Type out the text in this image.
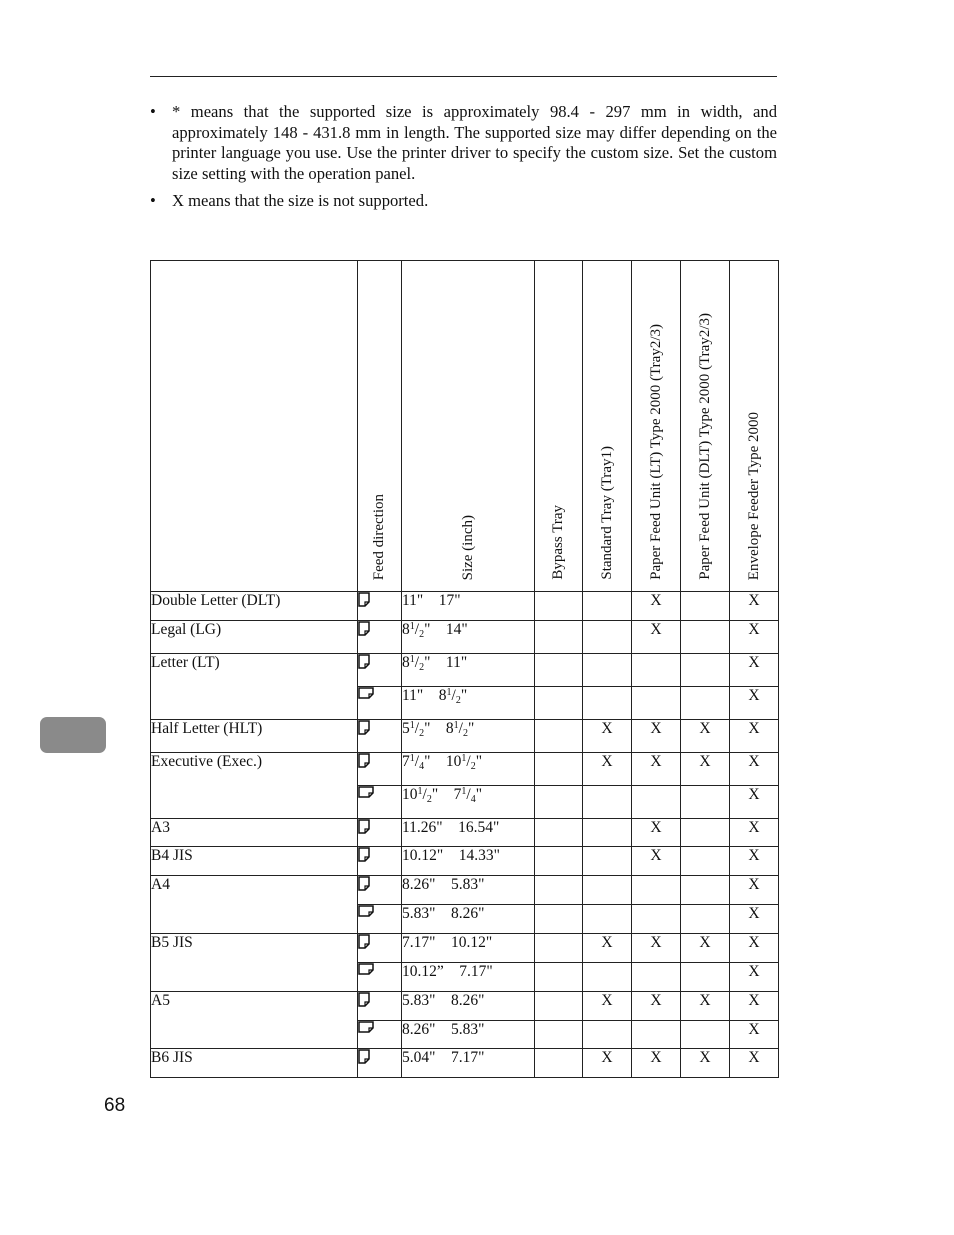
• * means that the supported size is approximately 98.4 - 297 mm in width, and approximately 148 - 431.8 mm in length. The supported size may differ depending on the printer language you use. Use the printer driver to specify the custom size. Set the custom size setting with the operation panel.
• X means that the size is not supported.
	Feed direction	Size (inch)	Bypass Tray	Standard Tray (Tray1)	Paper Feed Unit (LT) Type 2000 (Tray2/3)	Paper Feed Unit (DLT) Type 2000 (Tray2/3)	Envelope Feeder Type 2000
Double Letter (DLT)		11"    17"			X		X
Legal (LG)		$8^1/_2$"    14"			X		X
Letter (LT)		$8^1/_2$"    11"					X

	11"    $8^1/_2$"					X
Half Letter (HLT)		$5^1/_2$"    $8^1/_2$"		X	X	X	X
Executive (Exec.)		$7^1/_4$"    $10^1/_2$"		X	X	X	X

	$10^1/_2$"    $7^1/_4$"					X
A3		11.26"    16.54"			X		X
B4 JIS		10.12"    14.33"			X		X
A4		8.26"    5.83"					X

	5.83"    8.26"					X
B5 JIS		7.17"    10.12"		X	X	X	X

	10.12”    7.17"					X
A5		5.83"    8.26"		X	X	X	X

	8.26"    5.83"					X
B6 JIS		5.04"    7.17"		X	X	X	X
68
